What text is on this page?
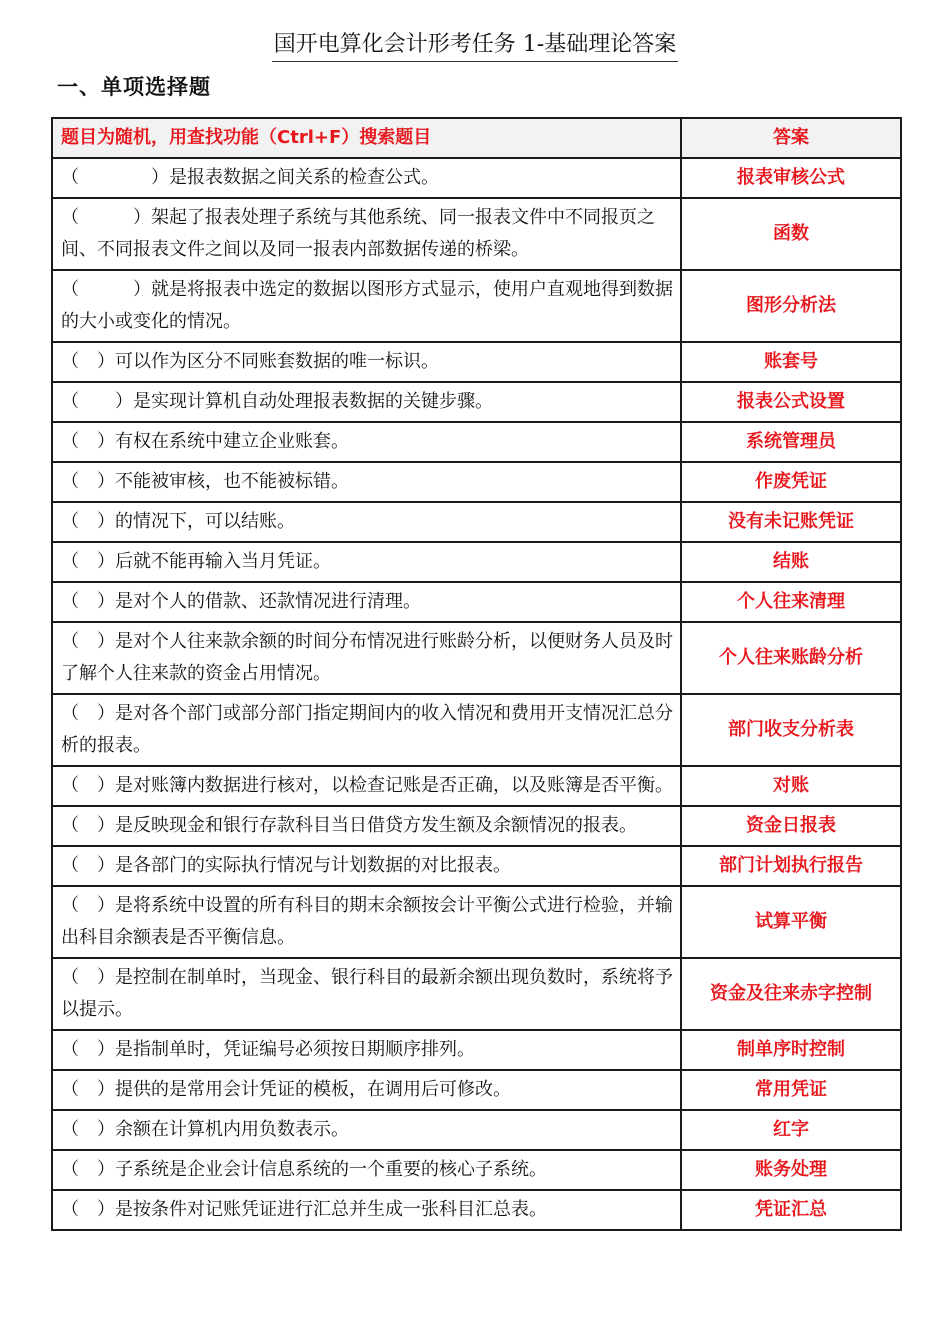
国开电算化会计形考任务 1-基础理论答案
一、单项选择题
题目为随机，用查找功能（Ctrl+F）搜索题目	答案

（　　　　）是报表数据之间关系的检查公式。	报表审核公式

（　　　）架起了报表处理子系统与其他系统、同一报表文件中不同报页之间、不同报表文件之间以及同一报表内部数据传递的桥梁。	函数

（　　　）就是将报表中选定的数据以图形方式显示，使用户直观地得到数据的大小或变化的情况。	图形分析法

（　）可以作为区分不同账套数据的唯一标识。	账套号

（　　）是实现计算机自动处理报表数据的关键步骤。	报表公式设置

（　）有权在系统中建立企业账套。	系统管理员

（　）不能被审核，也不能被标错。	作废凭证

（　）的情况下，可以结账。	没有未记账凭证

（　）后就不能再输入当月凭证。	结账

（　）是对个人的借款、还款情况进行清理。	个人往来清理

（　）是对个人往来款余额的时间分布情况进行账龄分析，以便财务人员及时了解个人往来款的资金占用情况。	个人往来账龄分析

（　）是对各个部门或部分部门指定期间内的收入情况和费用开支情况汇总分析的报表。	部门收支分析表

（　）是对账簿内数据进行核对，以检查记账是否正确，以及账簿是否平衡。	对账

（　）是反映现金和银行存款科目当日借贷方发生额及余额情况的报表。	资金日报表

（　）是各部门的实际执行情况与计划数据的对比报表。	部门计划执行报告

（　）是将系统中设置的所有科目的期末余额按会计平衡公式进行检验，并输出科目余额表是否平衡信息。	试算平衡

（　）是控制在制单时，当现金、银行科目的最新余额出现负数时，系统将予以提示。	资金及往来赤字控制

（　）是指制单时，凭证编号必须按日期顺序排列。	制单序时控制

（　）提供的是常用会计凭证的模板，在调用后可修改。	常用凭证

（　）余额在计算机内用负数表示。	红字

（　）子系统是企业会计信息系统的一个重要的核心子系统。	账务处理

（　）是按条件对记账凭证进行汇总并生成一张科目汇总表。	凭证汇总
